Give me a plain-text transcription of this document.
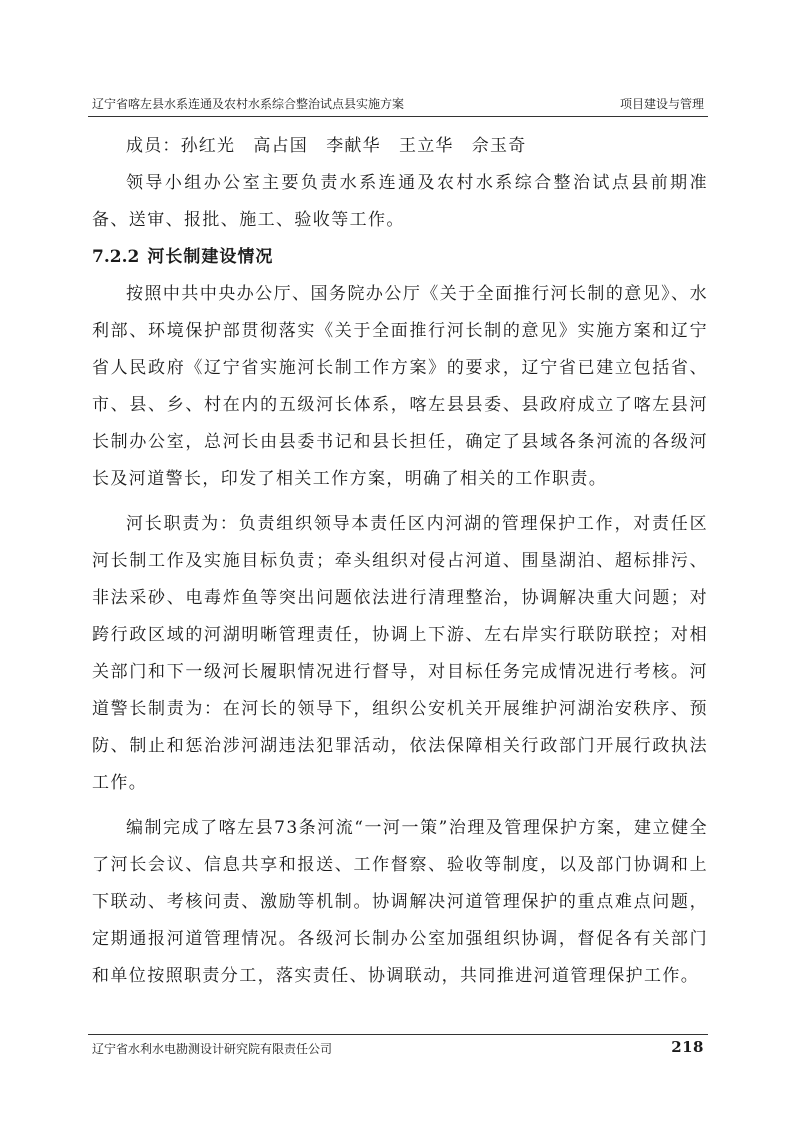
辽宁省喀左县水系连通及农村水系综合整治试点县实施方案	项目建设与管理

成员：孙红光　高占国　李献华　王立华　佘玉奇

领导小组办公室主要负责水系连通及农村水系综合整治试点县前期准备、送审、报批、施工、验收等工作。

7.2.2 河长制建设情况

按照中共中央办公厅、国务院办公厅《关于全面推行河长制的意见》、水利部、环境保护部贯彻落实《关于全面推行河长制的意见》实施方案和辽宁省人民政府《辽宁省实施河长制工作方案》的要求，辽宁省已建立包括省、市、县、乡、村在内的五级河长体系，喀左县县委、县政府成立了喀左县河长制办公室，总河长由县委书记和县长担任，确定了县域各条河流的各级河长及河道警长，印发了相关工作方案，明确了相关的工作职责。

河长职责为：负责组织领导本责任区内河湖的管理保护工作，对责任区河长制工作及实施目标负责；牵头组织对侵占河道、围垦湖泊、超标排污、非法采砂、电毒炸鱼等突出问题依法进行清理整治，协调解决重大问题；对跨行政区域的河湖明晰管理责任，协调上下游、左右岸实行联防联控；对相关部门和下一级河长履职情况进行督导，对目标任务完成情况进行考核。河道警长制责为：在河长的领导下，组织公安机关开展维护河湖治安秩序、预防、制止和惩治涉河湖违法犯罪活动，依法保障相关行政部门开展行政执法工作。

编制完成了喀左县73条河流“一河一策”治理及管理保护方案，建立健全了河长会议、信息共享和报送、工作督察、验收等制度，以及部门协调和上下联动、考核问责、激励等机制。协调解决河道管理保护的重点难点问题，定期通报河道管理情况。各级河长制办公室加强组织协调，督促各有关部门和单位按照职责分工，落实责任、协调联动，共同推进河道管理保护工作。

辽宁省水利水电勘测设计研究院有限责任公司	218
